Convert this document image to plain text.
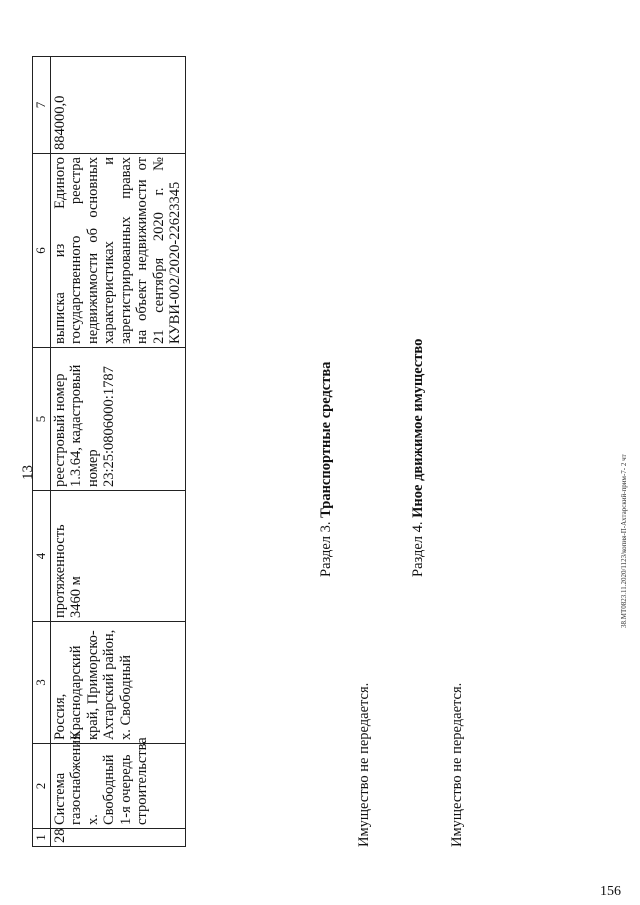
13
1	2	3	4	5	6	7
28	Система газоснабжения х. Свободный 1-я очередь строительства	Россия, Краснодарский край, Приморско-Ахтарский район, х. Свободный	протяженность 3460 м	реестровый номер 1.3.64, кадастровый номер 23:25:0806000:1787	выписка из Единого государственного реестра недвижимости об основных характеристиках и зарегистрированных правах на объект недвижимости от 21 сентября 2020 г. № КУВИ-002/2020-22623345	884000,0
Раздел 3. Транспортные средства
Имущество не передается.
Раздел 4. Иное движимое имущество
Имущество не передается.
38.МТ0823.11.2020/1123/копия-П-Ахтарский-прим-7- 2 чт
156
